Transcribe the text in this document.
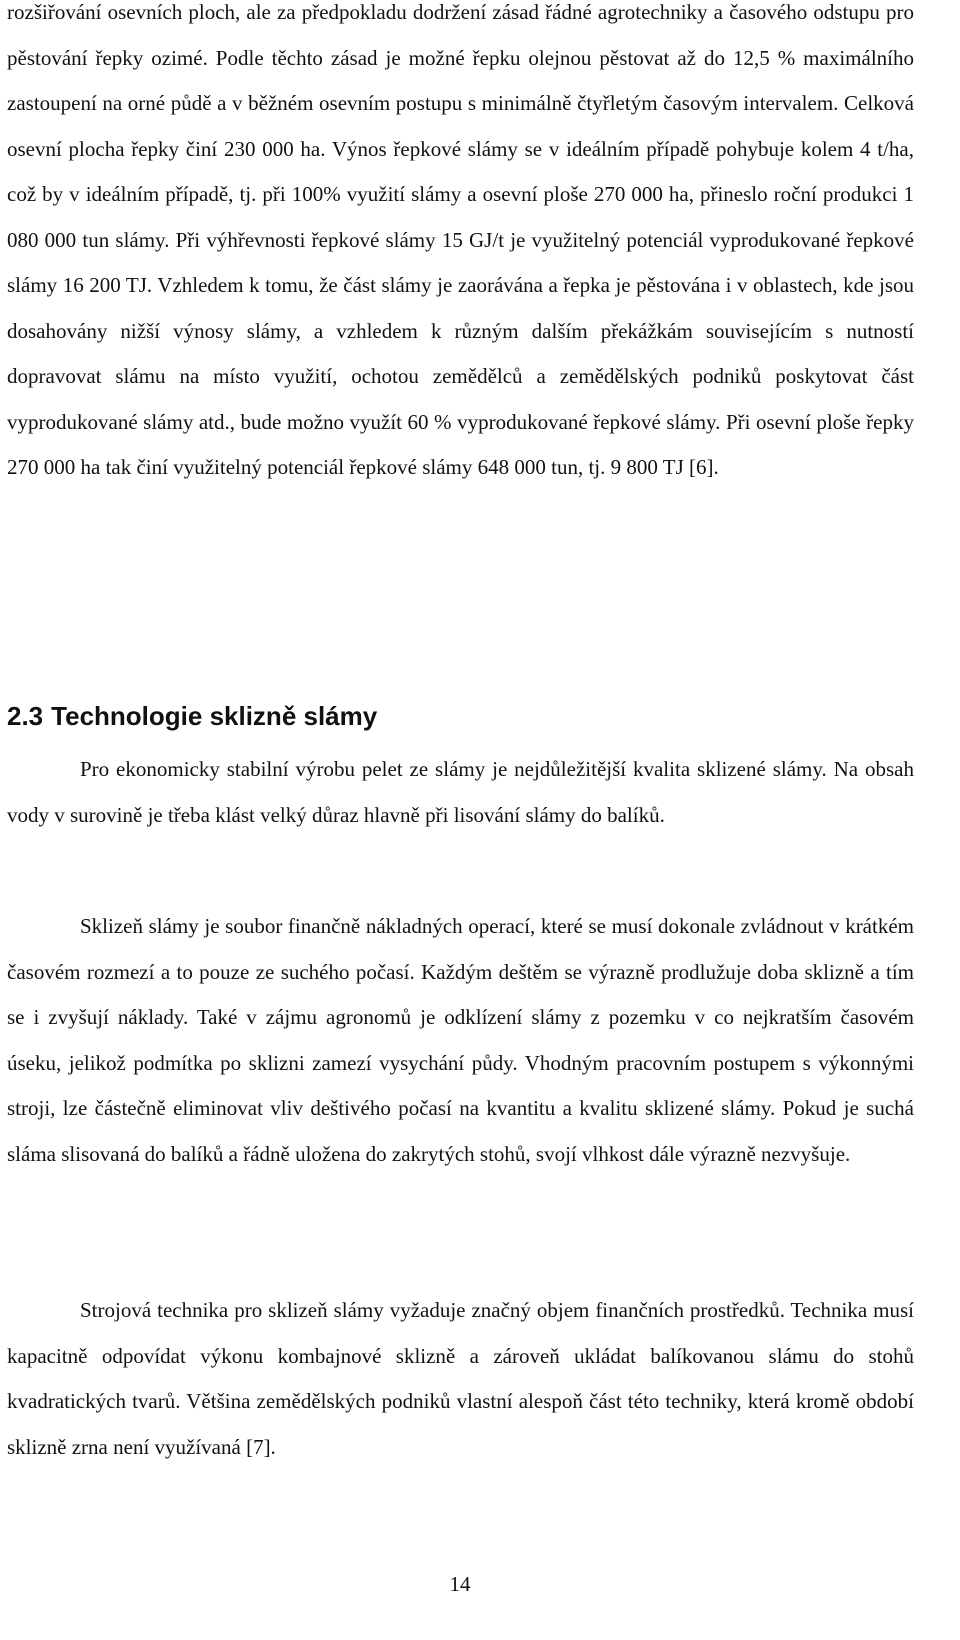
rozšiřování osevních ploch, ale za předpokladu dodržení zásad řádné agrotechniky a časového odstupu pro pěstování řepky ozimé. Podle těchto zásad je možné řepku olejnou pěstovat až do 12,5 % maximálního zastoupení na orné půdě a v běžném osevním postupu s minimálně čtyřletým časovým intervalem. Celková osevní plocha řepky činí 230 000 ha. Výnos řepkové slámy se v ideálním případě pohybuje kolem 4 t/ha, což by v ideálním případě, tj. při 100% využití slámy a osevní ploše 270 000 ha, přineslo roční produkci 1 080 000 tun slámy. Při výhřevnosti řepkové slámy 15 GJ/t je využitelný potenciál vyprodukované řepkové slámy 16 200 TJ. Vzhledem k tomu, že část slámy je zaorávána a řepka je pěstována i v oblastech, kde jsou dosahovány nižší výnosy slámy, a vzhledem k různým dalším překážkám souvisejícím s nutností dopravovat slámu na místo využití, ochotou zemědělců a zemědělských podniků poskytovat část vyprodukované slámy atd., bude možno využít 60 % vyprodukované řepkové slámy. Při osevní ploše řepky 270 000 ha tak činí využitelný potenciál řepkové slámy 648 000 tun, tj. 9 800 TJ [6].

2.3 Technologie sklizně slámy

Pro ekonomicky stabilní výrobu pelet ze slámy je nejdůležitější kvalita sklizené slámy. Na obsah vody v surovině je třeba klást velký důraz hlavně při lisování slámy do balíků.

Sklizeň slámy je soubor finančně nákladných operací, které se musí dokonale zvládnout v krátkém časovém rozmezí a to pouze ze suchého počasí. Každým deštěm se výrazně prodlužuje doba sklizně a tím se i zvyšují náklady. Také v zájmu agronomů je odklízení slámy z pozemku v co nejkratším časovém úseku, jelikož podmítka po sklizni zamezí vysychání půdy. Vhodným pracovním postupem s výkonnými stroji, lze částečně eliminovat vliv deštivého počasí na kvantitu a kvalitu sklizené slámy. Pokud je suchá sláma slisovaná do balíků a řádně uložena do zakrytých stohů, svojí vlhkost dále výrazně nezvyšuje.

Strojová technika pro sklizeň slámy vyžaduje značný objem finančních prostředků. Technika musí kapacitně odpovídat výkonu kombajnové sklizně a zároveň ukládat balíkovanou slámu do stohů kvadratických tvarů. Většina zemědělských podniků vlastní alespoň část této techniky, která kromě období sklizně zrna není využívaná [7].

14
